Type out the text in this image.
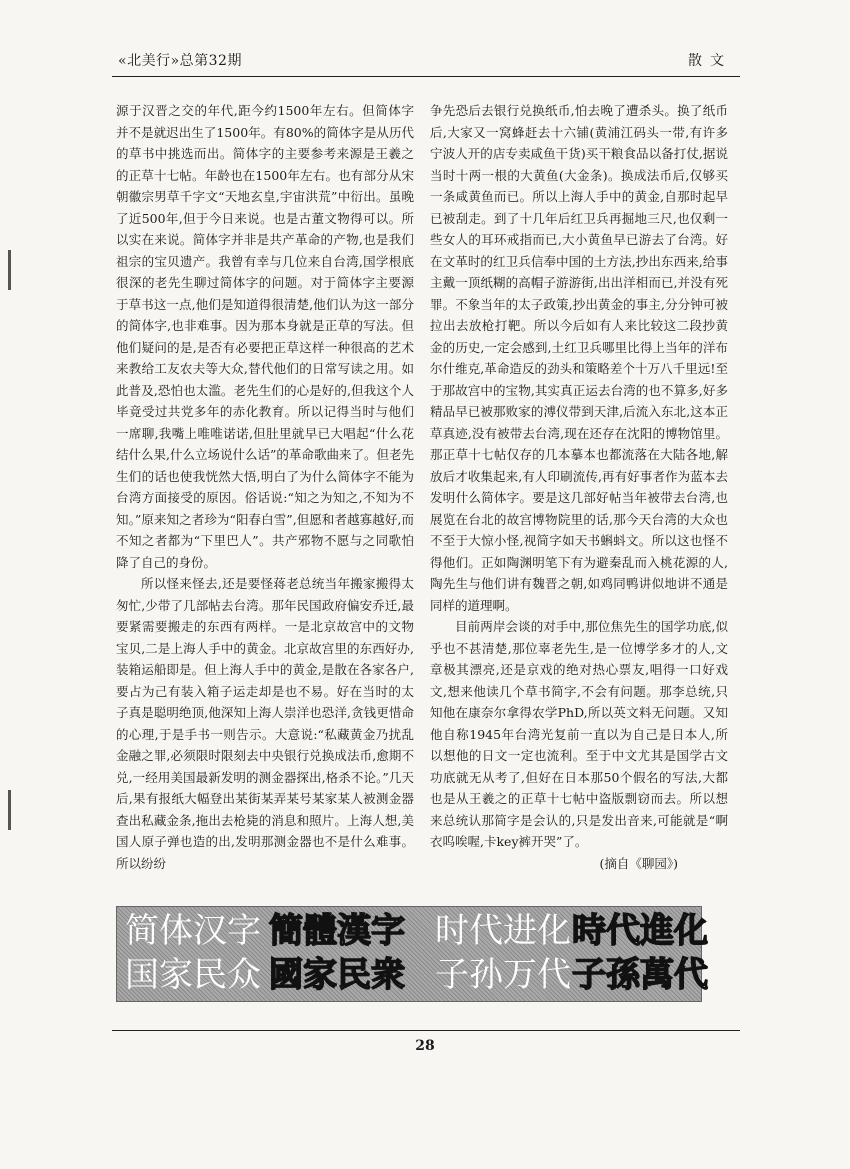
«北美行»总第32期	散文

源于汉晋之交的年代,距今约1500年左右。但简体字并不是就迟出生了1500年。有80%的简体字是从历代的草书中挑选而出。简体字的主要参考来源是王羲之的正草十七帖。年龄也在1500年左右。也有部分从宋朝徽宗男草千字文“天地玄皇,宇宙洪荒”中衍出。虽晚了近500年,但于今日来说。也是古董文物得可以。所以实在来说。简体字并非是共产革命的产物,也是我们祖宗的宝贝遗产。我曾有幸与几位来自台湾,国学根底很深的老先生聊过简体字的问题。对于简体字主要源于草书这一点,他们是知道得很清楚,他们认为这一部分的简体字,也非难事。因为那本身就是正草的写法。但他们疑问的是,是否有必要把正草这样一种很高的艺术来教给工友农夫等大众,替代他们的日常写读之用。如此普及,恐怕也太滥。老先生们的心是好的,但我这个人毕竟受过共党多年的赤化教育。所以记得当时与他们一席聊,我嘴上唯唯诺诺,但肚里就早已大唱起“什么花结什么果,什么立场说什么话”的革命歌曲来了。但老先生们的话也使我恍然大悟,明白了为什么简体字不能为台湾方面接受的原因。俗话说:“知之为知之,不知为不知。”原来知之者珍为“阳春白雪”,但愿和者越寡越好,而不知之者都为“下里巴人”。共产邪物不愿与之同歌怕降了自己的身份。

所以怪来怪去,还是要怪蒋老总统当年搬家搬得太匆忙,少带了几部帖去台湾。那年民国政府偏安乔迁,最要紧需要搬走的东西有两样。一是北京故宫中的文物宝贝,二是上海人手中的黄金。北京故宫里的东西好办,装箱运船即是。但上海人手中的黄金,是散在各家各户,要占为己有装入箱子运走却是也不易。好在当时的太子真是聪明绝顶,他深知上海人崇洋也恐洋,贪钱更惜命的心理,于是手书一则告示。大意说:“私藏黄金乃扰乱金融之罪,必须限时限刻去中央银行兑换成法币,愈期不兑,一经用美国最新发明的测金器探出,格杀不论。”几天后,果有报纸大幅登出某街某弄某号某家某人被测金器查出私藏金条,拖出去枪毙的消息和照片。上海人想,美国人原子弹也造的出,发明那测金器也不是什么难事。所以纷纷

争先恐后去银行兑换纸币,怕去晚了遭杀头。换了纸币后,大家又一窝蜂赶去十六铺(黄浦江码头一带,有许多宁波人开的店专卖咸鱼干货)买干粮食品以备打仗,据说当时十两一根的大黄鱼(大金条)。换成法币后,仅够买一条咸黄鱼而已。所以上海人手中的黄金,自那时起早已被刮走。到了十几年后红卫兵再掘地三尺,也仅剩一些女人的耳环戒指而已,大小黄鱼早已游去了台湾。好在文革时的红卫兵信奉中国的土方法,抄出东西来,给事主戴一顶纸糊的高帽子游游街,出出洋相而已,并没有死罪。不象当年的太子政策,抄出黄金的事主,分分钟可被拉出去放枪打靶。所以今后如有人来比较这二段抄黄金的历史,一定会感到,土红卫兵哪里比得上当年的洋布尔什维克,革命造反的劲头和策略差个十万八千里远!至于那故宫中的宝物,其实真正运去台湾的也不算多,好多精品早已被那败家的溥仪带到天津,后流入东北,这本正草真迹,没有被带去台湾,现在还存在沈阳的博物馆里。那正草十七帖仅存的几本摹本也都流落在大陆各地,解放后才收集起来,有人印刷流传,再有好事者作为蓝本去发明什么简体字。要是这几部好帖当年被带去台湾,也展览在台北的故宫博物院里的话,那今天台湾的大众也不至于大惊小怪,视简字如天书蝌蚪文。所以这也怪不得他们。正如陶渊明笔下有为避秦乱而入桃花源的人,陶先生与他们讲有魏晋之朝,如鸡同鸭讲似地讲不通是同样的道理啊。

目前两岸会谈的对手中,那位焦先生的国学功底,似乎也不甚清楚,那位辜老先生,是一位博学多才的人,文章极其漂亮,还是京戏的绝对热心票友,唱得一口好戏文,想来他读几个草书简字,不会有问题。那李总统,只知他在康奈尔拿得农学PhD,所以英文料无问题。又知他自称1945年台湾光复前一直以为自己是日本人,所以想他的日文一定也流利。至于中文尤其是国学古文功底就无从考了,但好在日本那50个假名的写法,大都也是从王羲之的正草十七帖中盗版剽窃而去。所以想来总统认那简字是会认的,只是发出音来,可能就是“啊衣呜唉喔,卡key裤开哭”了。

(摘自《聊园》)

简体汉字 簡體漢字 时代进化 時代進化
国家民众 國家民衆 子孙万代 子孫萬代
28
